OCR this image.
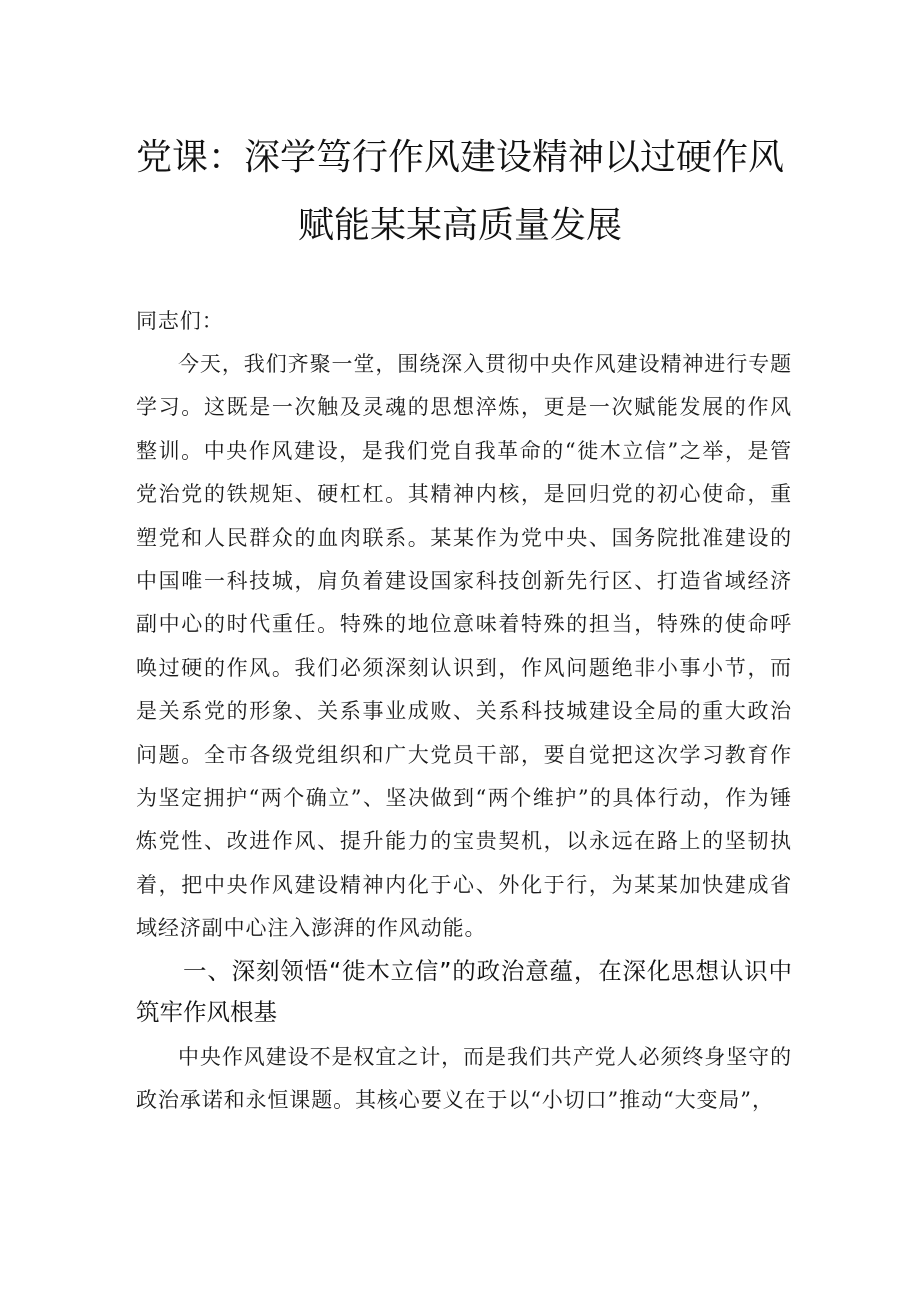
党课：深学笃行作风建设精神以过硬作风
赋能某某高质量发展

同志们：

今天，我们齐聚一堂，围绕深入贯彻中央作风建设精神进行专题学习。这既是一次触及灵魂的思想淬炼，更是一次赋能发展的作风整训。中央作风建设，是我们党自我革命的“徙木立信”之举，是管党治党的铁规矩、硬杠杠。其精神内核，是回归党的初心使命，重塑党和人民群众的血肉联系。某某作为党中央、国务院批准建设的中国唯一科技城，肩负着建设国家科技创新先行区、打造省域经济副中心的时代重任。特殊的地位意味着特殊的担当，特殊的使命呼唤过硬的作风。我们必须深刻认识到，作风问题绝非小事小节，而是关系党的形象、关系事业成败、关系科技城建设全局的重大政治问题。全市各级党组织和广大党员干部，要自觉把这次学习教育作为坚定拥护“两个确立”、坚决做到“两个维护”的具体行动，作为锤炼党性、改进作风、提升能力的宝贵契机，以永远在路上的坚韧执着，把中央作风建设精神内化于心、外化于行，为某某加快建成省域经济副中心注入澎湃的作风动能。

一、深刻领悟“徙木立信”的政治意蕴，在深化思想认识中筑牢作风根基

中央作风建设不是权宜之计，而是我们共产党人必须终身坚守的政治承诺和永恒课题。其核心要义在于以“小切口”推动“大变局”，
